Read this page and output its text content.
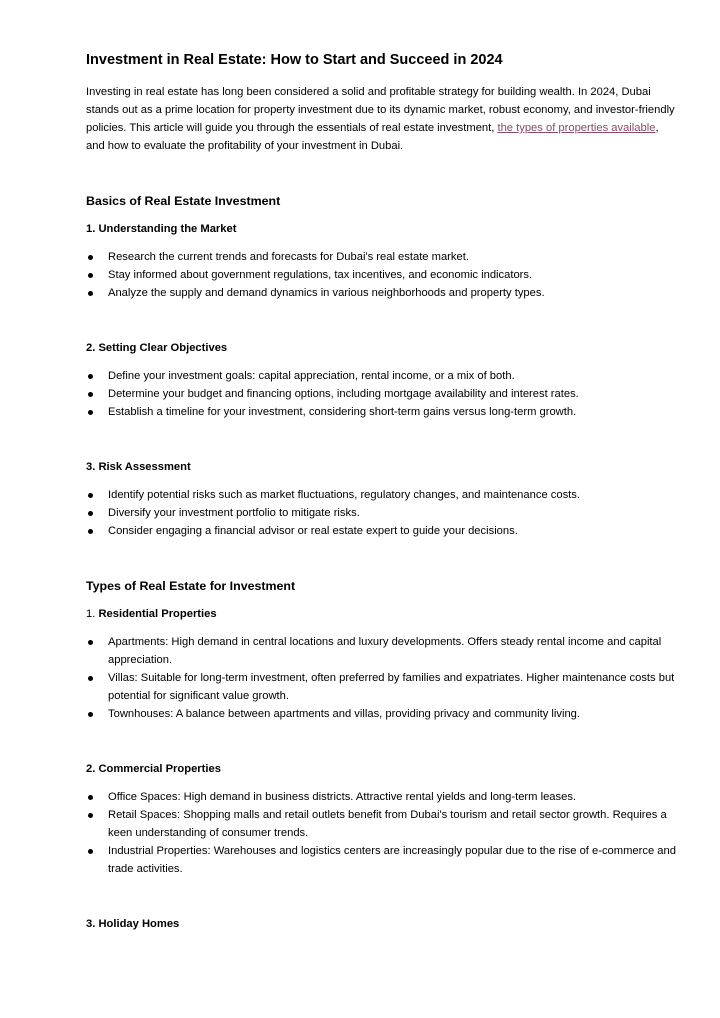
Investment in Real Estate: How to Start and Succeed in 2024

Investing in real estate has long been considered a solid and profitable strategy for building wealth. In 2024, Dubai stands out as a prime location for property investment due to its dynamic market, robust economy, and investor-friendly policies. This article will guide you through the essentials of real estate investment, the types of properties available, and how to evaluate the profitability of your investment in Dubai.

Basics of Real Estate Investment
1. Understanding the Market
Research the current trends and forecasts for Dubai's real estate market.
Stay informed about government regulations, tax incentives, and economic indicators.
Analyze the supply and demand dynamics in various neighborhoods and property types.
2. Setting Clear Objectives
Define your investment goals: capital appreciation, rental income, or a mix of both.
Determine your budget and financing options, including mortgage availability and interest rates.
Establish a timeline for your investment, considering short-term gains versus long-term growth.
3. Risk Assessment
Identify potential risks such as market fluctuations, regulatory changes, and maintenance costs.
Diversify your investment portfolio to mitigate risks.
Consider engaging a financial advisor or real estate expert to guide your decisions.
Types of Real Estate for Investment
1. Residential Properties
Apartments: High demand in central locations and luxury developments. Offers steady rental income and capital appreciation.
Villas: Suitable for long-term investment, often preferred by families and expatriates. Higher maintenance costs but potential for significant value growth.
Townhouses: A balance between apartments and villas, providing privacy and community living.
2. Commercial Properties
Office Spaces: High demand in business districts. Attractive rental yields and long-term leases.
Retail Spaces: Shopping malls and retail outlets benefit from Dubai's tourism and retail sector growth. Requires a keen understanding of consumer trends.
Industrial Properties: Warehouses and logistics centers are increasingly popular due to the rise of e-commerce and trade activities.
3. Holiday Homes
